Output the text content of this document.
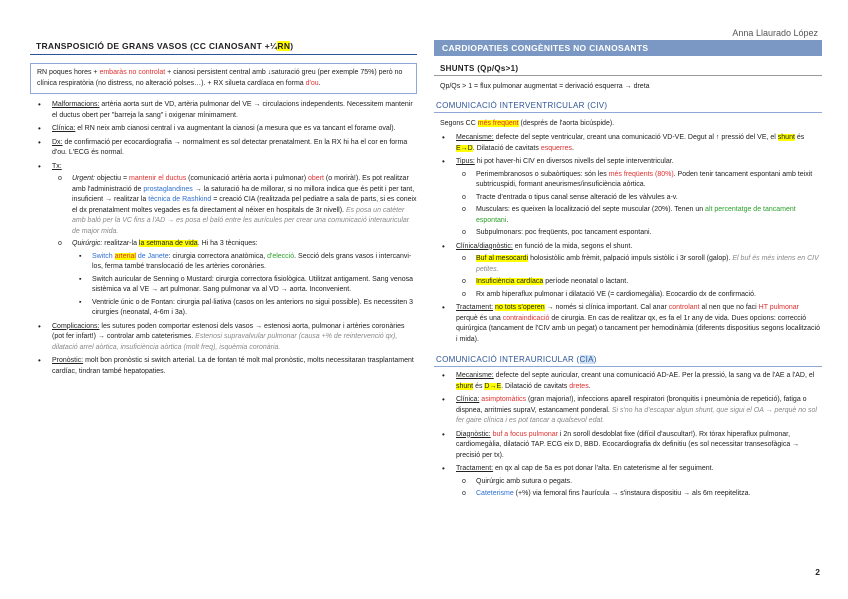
Anna Llaurado López
TRANSPOSICIÓ DE GRANS VASOS (CC CIANOSANT +¼RN)
RN poques hores + embaràs no controlat + cianosi persistent central amb ↓saturació greu (per exemple 75%) però no clínica respiratòria (no distress, no alteració polses…). + RX silueta cardíaca en forma d'ou.
• Malformacions: artèria aorta surt de VD, artèria pulmonar del VE → circulacions independents. Necessitem mantenir el ductus obert per "barreja la sang" i oxigenar mínimament.
• Clínica: el RN neix amb cianosi central i va augmentant la cianosi (a mesura que es va tancant el forame oval).
• Dx: de confirmació per ecocardiografia → normalment es sol detectar prenatalment. En la RX hi ha el cor en forma d'ou. L'ECG és normal.
• Tx:
o Urgent: objectiu = mantenir el ductus (comunicació artèria aorta i pulmonar) obert (o morirà!). Es pot realitzar amb l'administració de prostaglandines → la saturació ha de millorar, si no millora indica que és petit i per tant, insuficient → realitzar la tècnica de Rashkind = creació CIA (realitzada pel pediatre a sala de parts, si es coneix el dx prenatalment moltes vegades es fa directament al néixer en hospitals de 3r nivell). Es posa un catèter amb baló per la VC fins a l'AD → es posa el baló entre les aurícules per crear una comunicació interauricular de major mida.
o Quirúrgic: realitzar-la la setmana de vida. Hi ha 3 tècniques:
▪ Switch arterial de Janete: cirurgia correctora anatòmica, d'elecció. Secció dels grans vasos i intercanvi-los, ferma també translocació de les artèries coronàries.
▪ Switch auricular de Senning o Mustard: cirurgia correctora fisiològica. Utilitzat antigament. Sang venosa sistèmica va al VE → art pulmonar. Sang pulmonar va al VD → aorta. Inconvenient.
▪ Ventricle únic o de Fontan: cirurgia pal·liativa (casos on les anteriors no sigui possible). Es necessiten 3 cirurgies (neonatal, 4-6m i 3a).
• Complicacions: les sutures poden comportar estenosi dels vasos → estenosi aorta, pulmonar i artèries coronàries (pot fer infart!) → controlar amb cateterismes. Estenosi supravalvular pulmonar (causa +% de reintervenció qx), dilatació arrel aòrtica, insuficiència aòrtica (molt freq), isquèmia coronària.
• Pronòstic: molt bon pronòstic si switch arterial. La de fontan té molt mal pronòstic, molts necessitaran trasplantament cardíac, tindran també hepatopaties.
CARDIOPATIES CONGÈNITES NO CIANOSANTS
SHUNTS (Qp/Qs>1)

Qp/Qs > 1 = flux pulmonar augmentat = derivació esquerra → dreta

COMUNICACIÓ INTERVENTRICULAR (CIV)

Segons CC més freqüent (després de l'aorta bicúspide).

• Mecanisme: defecte del septe ventricular, creant una comunicació VD-VE. Degut al ↑ pressió del VE, el shunt és E→D. Dilatació de cavitats esquerres.
• Tipus: hi pot haver-hi CIV en diversos nivells del septe interventricular.
o Perimembranosos o subaòrtiques: són les més freqüents (80%). Poden tenir tancament espontani amb teixit subtricuspidi, formant aneurismes/insuficiència aòrtica.
o Tracte d'entrada o tipus canal sense alteració de les vàlvules a-v.
o Musculars: es queixen la localització del septe muscular (20%). Tenen un alt percentatge de tancament espontani.
o Subpulmonars: poc freqüents, poc tancament espontani.
• Clínica/diagnòstic: en funció de la mida, segons el shunt.
o Buf al mesocardi holosistòlic amb frèmit, palpació impuls sistòlic i 3r soroll (galop). El buf és més intens en CIV petites.
o Insuficiència cardíaca període neonatal o lactant.
o Rx amb hiperaflux pulmonar i dilatació VE (= cardiomegàlia). Ecocardio dx de confirmació.
• Tractament: no tots s'operen → només si clínica important. Cal anar controlant al nen que no faci HT pulmonar perquè és una contraindicació de cirurgia. En cas de realitzar qx, es fa el 1r any de vida. Dues opcions: correcció quirúrgica (tancament de l'CIV amb un pegat) o tancament per hemodinàmia (diferents dispositius segons localització i mida).
COMUNICACIÓ INTERAURICULAR (CIA)
• Mecanisme: defecte del septe auricular, creant una comunicació AD-AE. Per la pressió, la sang va de l'AE a l'AD, el shunt és D→E. Dilatació de cavitats dretes.
• Clínica: asimptomàtics (gran majoria!), infeccions aparell respiratori (bronquitis i pneumònia de repetició), fatiga o dispnea, arritmies supraV, estancament ponderal. Si s'no ha d'escapar algun shunt, que sigui el OA → perquè no sol fer gaire clínica i es pot tancar a qualsevol edat.
• Diagnòstic: buf a focus pulmonar i 2n soroll desdoblat fixe (difícil d'auscultar!). Rx tòrax hiperaflux pulmonar, cardiomegàlia, dilatació TAP. ECG eix D, BBD. Ecocardiografia dx definitiu (es sol necessitar transesofàgica → precisió per tx).
• Tractament: en qx al cap de 5a es pot donar l'alta. En cateterisme al fer seguiment.
o Quirúrgic amb sutura o pegats.
o Cateterisme (+%) via femoral fins l'aurícula → s'instaura dispositiu → als 6m reepitelitza.
2
